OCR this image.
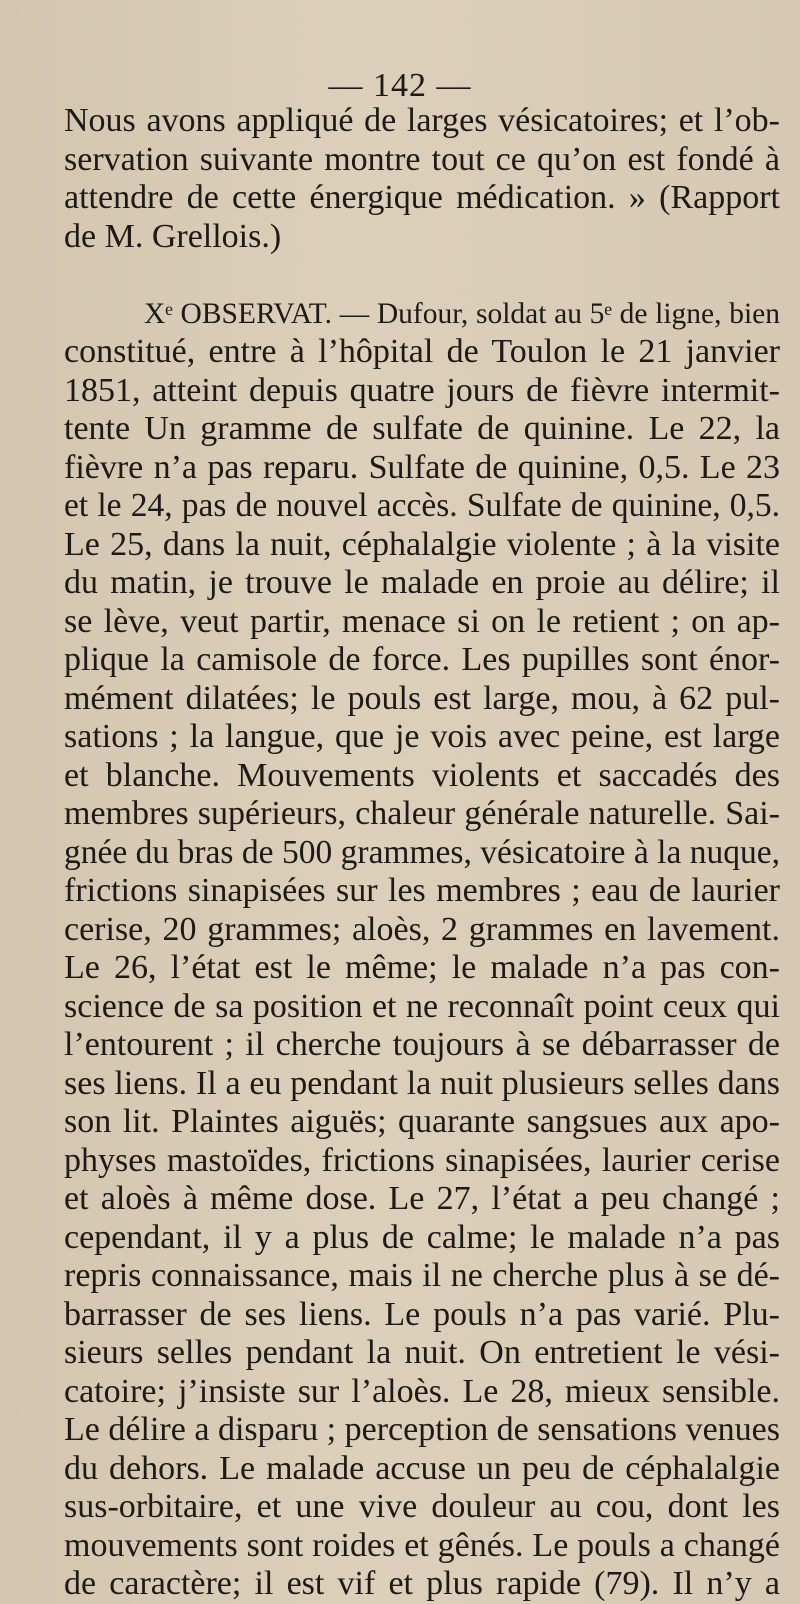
— 142 —
Nous avons appliqué de larges vésicatoires; et l’ob-
servation suivante montre tout ce qu’on est fondé à
attendre de cette énergique médication. » (Rapport
de M. Grellois.)
Xᵉ OBSERVAT. — Dufour, soldat au 5ᵉ de ligne, bien
constitué, entre à l’hôpital de Toulon le 21 janvier
1851, atteint depuis quatre jours de fièvre intermit-
tente Un gramme de sulfate de quinine. Le 22, la
fièvre n’a pas reparu. Sulfate de quinine, 0,5. Le 23
et le 24, pas de nouvel accès. Sulfate de quinine, 0,5.
Le 25, dans la nuit, céphalalgie violente ; à la visite
du matin, je trouve le malade en proie au délire; il
se lève, veut partir, menace si on le retient ; on ap-
plique la camisole de force. Les pupilles sont énor-
mément dilatées; le pouls est large, mou, à 62 pul-
sations ; la langue, que je vois avec peine, est large
et blanche. Mouvements violents et saccadés des
membres supérieurs, chaleur générale naturelle. Sai-
gnée du bras de 500 grammes, vésicatoire à la nuque,
frictions sinapisées sur les membres ; eau de laurier
cerise, 20 grammes; aloès, 2 grammes en lavement.
Le 26, l’état est le même; le malade n’a pas con-
science de sa position et ne reconnaît point ceux qui
l’entourent ; il cherche toujours à se débarrasser de
ses liens. Il a eu pendant la nuit plusieurs selles dans
son lit. Plaintes aiguës; quarante sangsues aux apo-
physes mastoïdes, frictions sinapisées, laurier cerise
et aloès à même dose. Le 27, l’état a peu changé ;
cependant, il y a plus de calme; le malade n’a pas
repris connaissance, mais il ne cherche plus à se dé-
barrasser de ses liens. Le pouls n’a pas varié. Plu-
sieurs selles pendant la nuit. On entretient le vési-
catoire; j’insiste sur l’aloès. Le 28, mieux sensible.
Le délire a disparu ; perception de sensations venues
du dehors. Le malade accuse un peu de céphalalgie
sus-orbitaire, et une vive douleur au cou, dont les
mouvements sont roides et gênés. Le pouls a changé
de caractère; il est vif et plus rapide (79). Il n’y a
